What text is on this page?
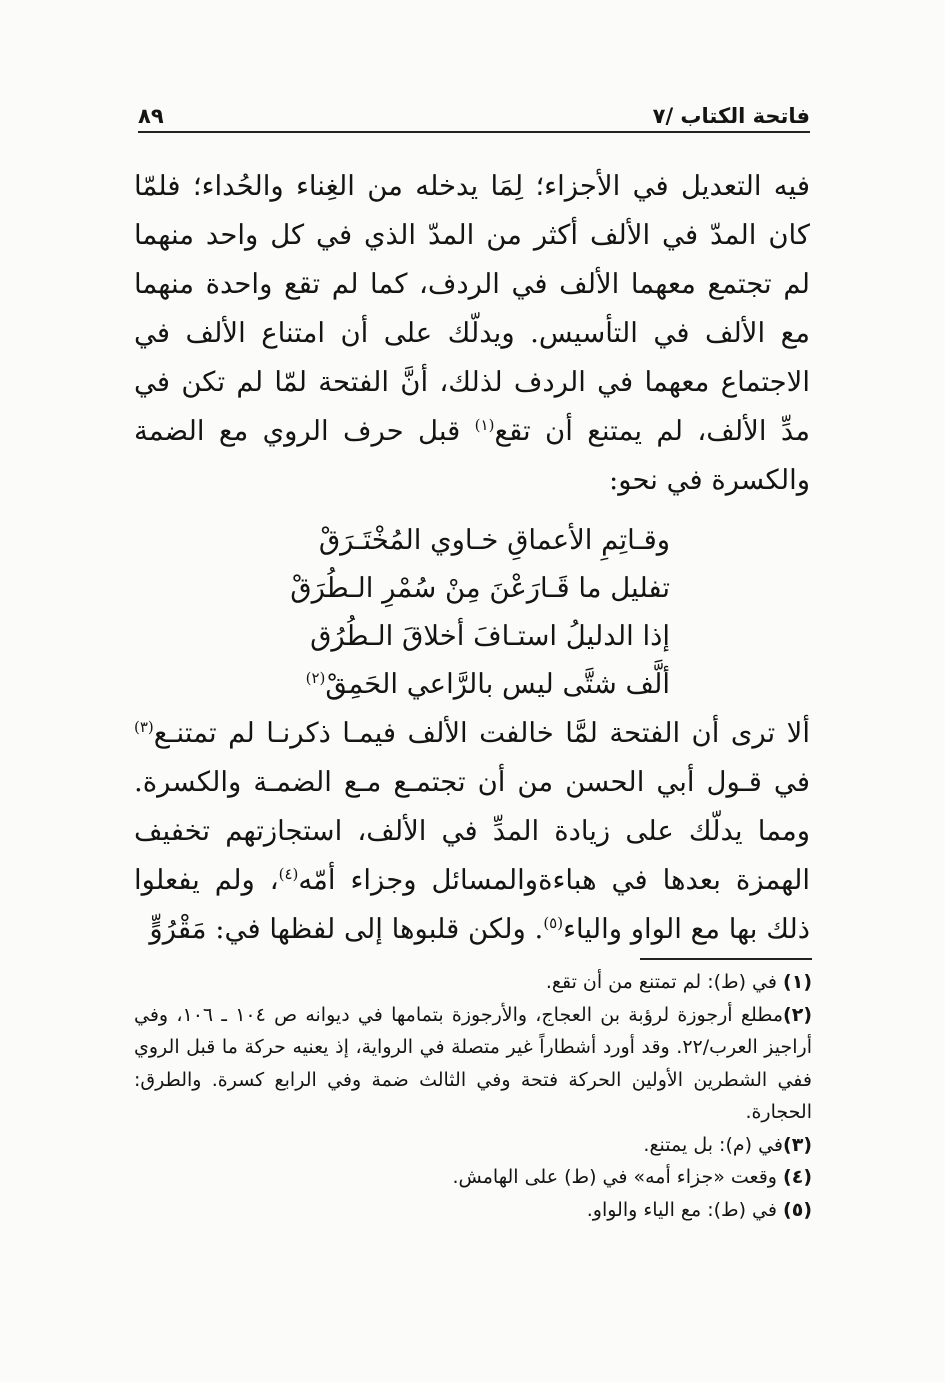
فاتحة الكتاب /٧
٨٩

فيه التعديل في الأجزاء؛ لِمَا يدخله من الغِناء والحُداء؛ فلمّا كان المدّ في الألف أكثر من المدّ الذي في كل واحد منهما لم تجتمع معهما الألف في الردف، كما لم تقع واحدة منهما مع الألف في التأسيس. ويدلّك على أن امتناع الألف في الاجتماع معهما في الردف لذلك، أنَّ الفتحة لمّا لم تكن في مدِّ الألف، لم يمتنع أن تقع$^{(١)}$ قبل حرف الروي مع الضمة والكسرة في نحو:

وقـاتِمِ الأعماقِ خـاوي المُخْتَـرَقْ
تفليل ما قَـارَعْنَ مِنْ سُمْرِ الـطُرَقْ
إذا الدليلُ استـافَ أخلاقَ الـطُرُق
ألَّف شتَّى ليس بالرَّاعي الحَمِقْ$^{(٢)}$

ألا ترى أن الفتحة لمَّا خالفت الألف فيمـا ذكرنـا لم تمتنـع$^{(٣)}$ في قـول أبي الحسن من أن تجتمـع مـع الضمـة والكسرة. ومما يدلّك على زيادة المدِّ في الألف، استجازتهم تخفيف الهمزة بعدها في هباءةوالمسائل وجزاء أمّه$^{(٤)}$، ولم يفعلوا ذلك بها مع الواو والياء$^{(٥)}$. ولكن قلبوها إلى لفظها في: مَقْرُوٍّ

(١) في (ط): لم تمتنع من أن تقع.
(٢)مطلع أرجوزة لرؤبة بن العجاج، والأرجوزة بتمامها في ديوانه ص ١٠٤ ـ ١٠٦، وفي أراجيز العرب/٢٢. وقد أورد أشطاراً غير متصلة في الرواية، إذ يعنيه حركة ما قبل الروي ففي الشطرين الأولين الحركة فتحة وفي الثالث ضمة وفي الرابع كسرة. والطرق: الحجارة.
(٣)في (م): بل يمتنع.
(٤) وقعت «جزاء أمه» في (ط) على الهامش.
(٥) في (ط): مع الياء والواو.
